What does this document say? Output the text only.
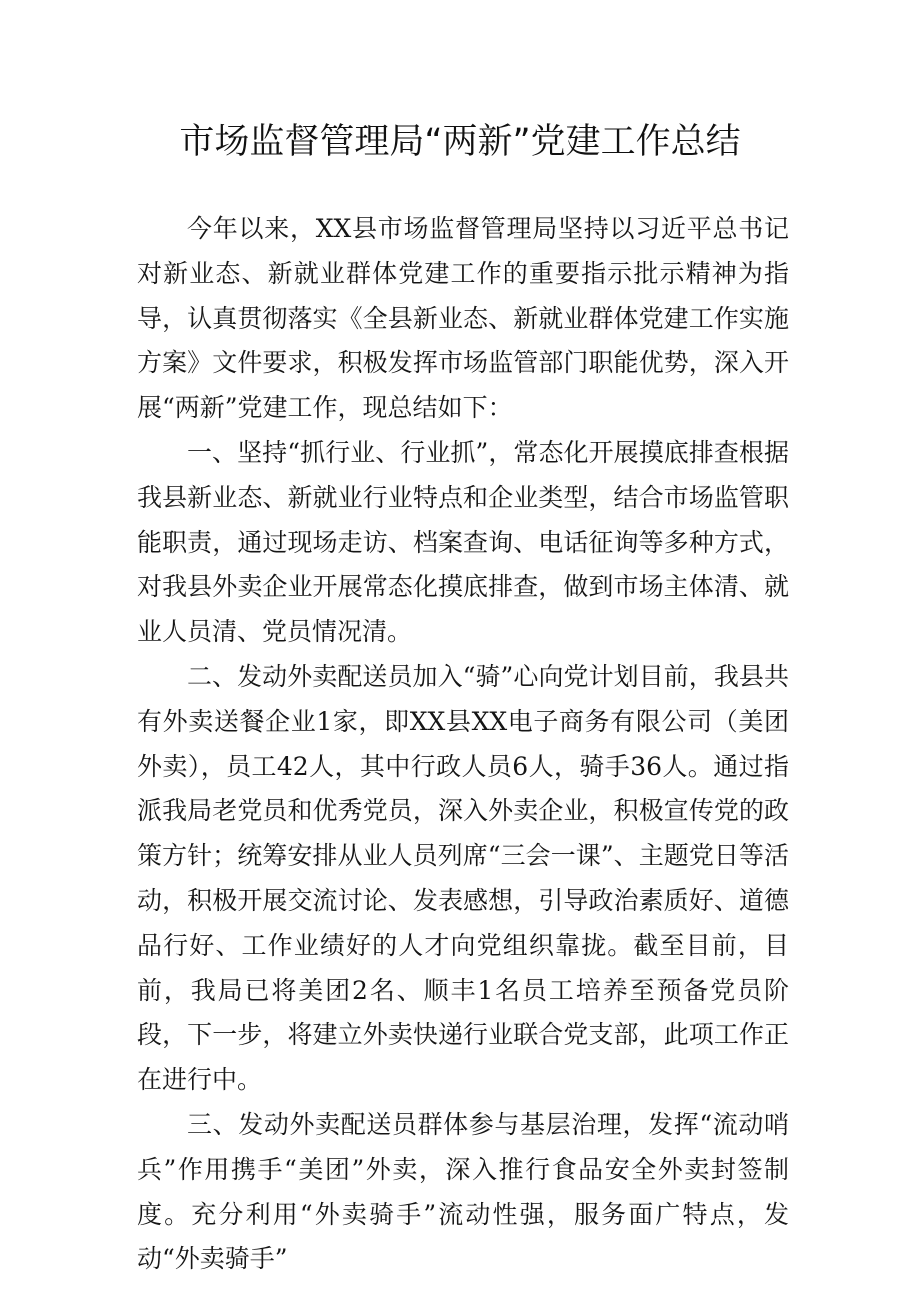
市场监督管理局“两新”党建工作总结

今年以来，XX县市场监督管理局坚持以习近平总书记对新业态、新就业群体党建工作的重要指示批示精神为指导，认真贯彻落实《全县新业态、新就业群体党建工作实施方案》文件要求，积极发挥市场监管部门职能优势，深入开展“两新”党建工作，现总结如下：

一、坚持“抓行业、行业抓”，常态化开展摸底排查根据我县新业态、新就业行业特点和企业类型，结合市场监管职能职责，通过现场走访、档案查询、电话征询等多种方式，对我县外卖企业开展常态化摸底排查，做到市场主体清、就业人员清、党员情况清。

二、发动外卖配送员加入“骑”心向党计划目前，我县共有外卖送餐企业1家，即XX县XX电子商务有限公司（美团外卖），员工42人，其中行政人员6人，骑手36人。通过指派我局老党员和优秀党员，深入外卖企业，积极宣传党的政策方针；统筹安排从业人员列席“三会一课”、主题党日等活动，积极开展交流讨论、发表感想，引导政治素质好、道德品行好、工作业绩好的人才向党组织靠拢。截至目前，目前，我局已将美团2名、顺丰1名员工培养至预备党员阶段，下一步，将建立外卖快递行业联合党支部，此项工作正在进行中。

三、发动外卖配送员群体参与基层治理，发挥“流动哨兵”作用携手“美团”外卖，深入推行食品安全外卖封签制度。充分利用“外卖骑手”流动性强，服务面广特点，发动“外卖骑手”
